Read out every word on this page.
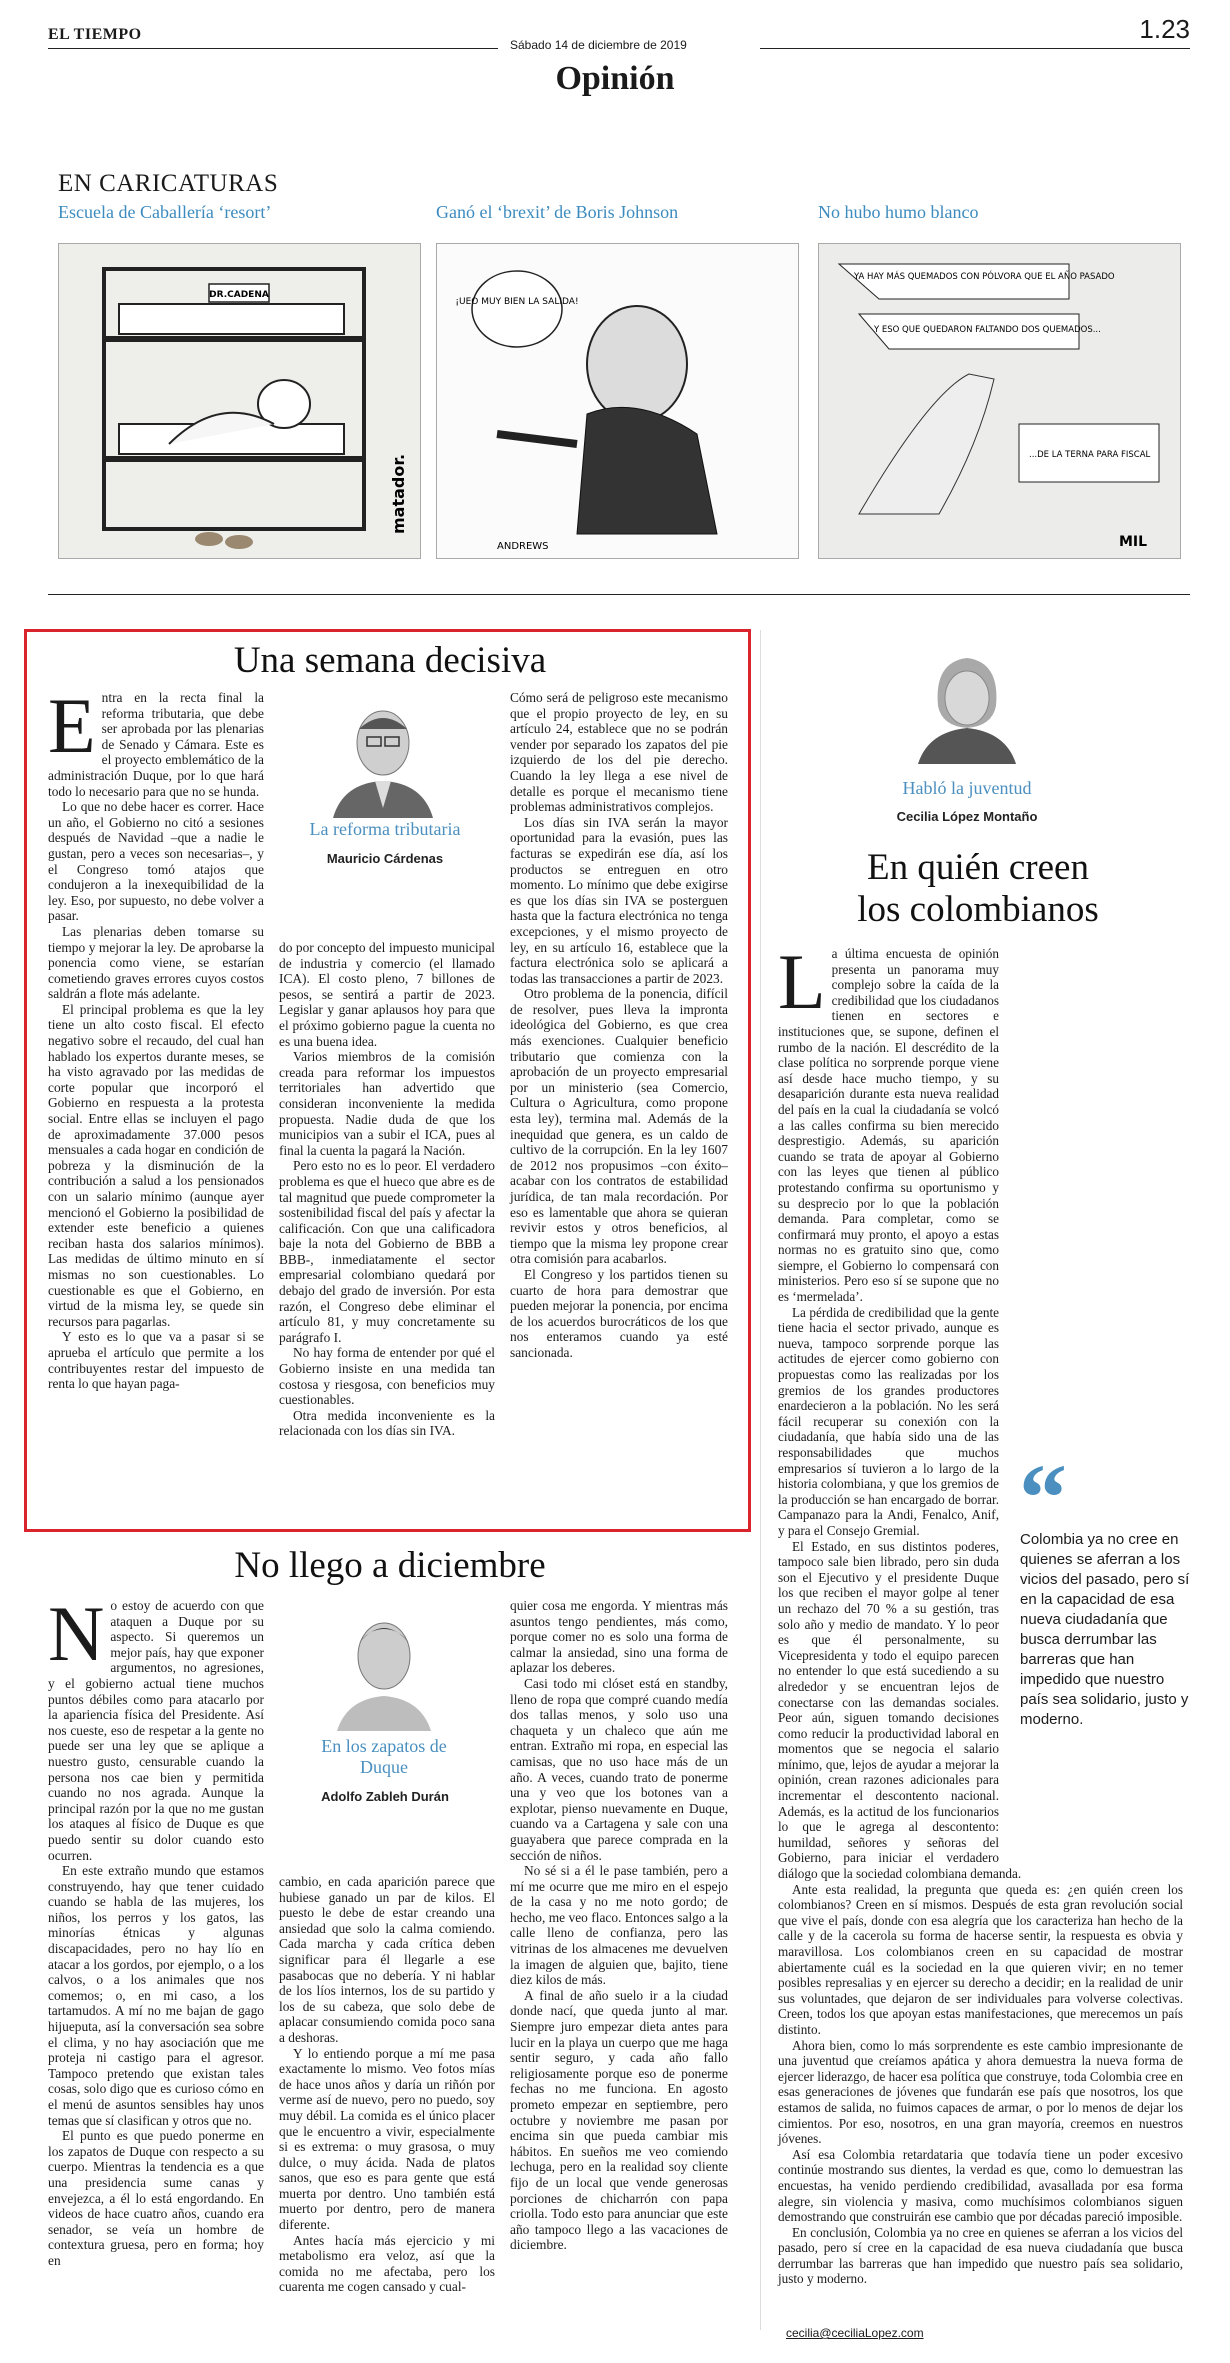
EL TIEMPO
Sábado 14 de diciembre de 2019
1.23
Opinión
EN CARICATURAS
Escuela de Caballería ‘resort’	Ganó el ‘brexit’ de Boris Johnson	No hubo humo blanco
DR.CADENA
matador.
¡UEO MUY BIEN LA SALIDA!
ANDREWS
YA HAY MÁS QUEMADOS CON PÓLVORA QUE EL AÑO PASADO
Y ESO QUE QUEDARON FALTANDO DOS QUEMADOS...
...DE LA TERNA PARA FISCAL
MIL
Una semana decisiva
E ntra en la recta final la reforma tributaria, que debe ser aprobada por las plenarias de Senado y Cámara. Este es el proyecto emblemático de la administración Duque, por lo que hará todo lo necesario para que no se hunda.

Lo que no debe hacer es correr. Hace un año, el Gobierno no citó a sesiones después de Navidad –que a nadie le gustan, pero a veces son necesarias–, y el Congreso tomó atajos que condujeron a la inexequibilidad de la ley. Eso, por supuesto, no debe volver a pasar.

Las plenarias deben tomarse su tiempo y mejorar la ley. De aprobarse la ponencia como viene, se estarían cometiendo graves errores cuyos costos saldrán a flote más adelante.

El principal problema es que la ley tiene un alto costo fiscal. El efecto negativo sobre el recaudo, del cual han hablado los expertos durante meses, se ha visto agravado por las medidas de corte popular que incorporó el Gobierno en respuesta a la protesta social. Entre ellas se incluyen el pago de aproximadamente 37.000 pesos mensuales a cada hogar en condición de pobreza y la disminución de la contribución a salud a los pensionados con un salario mínimo (aunque ayer mencionó el Gobierno la posibilidad de extender este beneficio a quienes reciban hasta dos salarios mínimos). Las medidas de último minuto en sí mismas no son cuestionables. Lo cuestionable es que el Gobierno, en virtud de la misma ley, se quede sin recursos para pagarlas.

Y esto es lo que va a pasar si se aprueba el artículo que permite a los contribuyentes restar del impuesto de renta lo que hayan paga-

La reforma tributaria
Mauricio Cárdenas

do por concepto del impuesto municipal de industria y comercio (el llamado ICA). El costo pleno, 7 billones de pesos, se sentirá a partir de 2023. Legislar y ganar aplausos hoy para que el próximo gobierno pague la cuenta no es una buena idea.

Varios miembros de la comisión creada para reformar los impuestos territoriales han advertido que consideran inconveniente la medida propuesta. Nadie duda de que los municipios van a subir el ICA, pues al final la cuenta la pagará la Nación.

Pero esto no es lo peor. El verdadero problema es que el hueco que abre es de tal magnitud que puede comprometer la sostenibilidad fiscal del país y afectar la calificación. Con que una calificadora baje la nota del Gobierno de BBB a BBB-, inmediatamente el sector empresarial colombiano quedará por debajo del grado de inversión. Por esta razón, el Congreso debe eliminar el artículo 81, y muy concretamente su parágrafo I.

No hay forma de entender por qué el Gobierno insiste en una medida tan costosa y riesgosa, con beneficios muy cuestionables.

Otra medida inconveniente es la relacionada con los días sin IVA.

Cómo será de peligroso este mecanismo que el propio proyecto de ley, en su artículo 24, establece que no se podrán vender por separado los zapatos del pie izquierdo de los del pie derecho. Cuando la ley llega a ese nivel de detalle es porque el mecanismo tiene problemas administrativos complejos.

Los días sin IVA serán la mayor oportunidad para la evasión, pues las facturas se expedirán ese día, así los productos se entreguen en otro momento. Lo mínimo que debe exigirse es que los días sin IVA se posterguen hasta que la factura electrónica no tenga excepciones, y el mismo proyecto de ley, en su artículo 16, establece que la factura electrónica solo se aplicará a todas las transacciones a partir de 2023.

Otro problema de la ponencia, difícil de resolver, pues lleva la impronta ideológica del Gobierno, es que crea más exenciones. Cualquier beneficio tributario que comienza con la aprobación de un proyecto empresarial por un ministerio (sea Comercio, Cultura o Agricultura, como propone esta ley), termina mal. Además de la inequidad que genera, es un caldo de cultivo de la corrupción. En la ley 1607 de 2012 nos propusimos –con éxito– acabar con los contratos de estabilidad jurídica, de tan mala recordación. Por eso es lamentable que ahora se quieran revivir estos y otros beneficios, al tiempo que la misma ley propone crear otra comisión para acabarlos.

El Congreso y los partidos tienen su cuarto de hora para demostrar que pueden mejorar la ponencia, por encima de los acuerdos burocráticos de los que nos enteramos cuando ya esté sancionada.

No llego a diciembre
N o estoy de acuerdo con que ataquen a Duque por su aspecto. Si queremos un mejor país, hay que exponer argumentos, no agresiones, y el gobierno actual tiene muchos puntos débiles como para atacarlo por la apariencia física del Presidente. Así nos cueste, eso de respetar a la gente no puede ser una ley que se aplique a nuestro gusto, censurable cuando la persona nos cae bien y permitida cuando no nos agrada. Aunque la principal razón por la que no me gustan los ataques al físico de Duque es que puedo sentir su dolor cuando esto ocurren.

En este extraño mundo que estamos construyendo, hay que tener cuidado cuando se habla de las mujeres, los niños, los perros y los gatos, las minorías étnicas y algunas discapacidades, pero no hay lío en atacar a los gordos, por ejemplo, o a los calvos, o a los animales que nos comemos; o, en mi caso, a los tartamudos. A mí no me bajan de gago hijueputa, así la conversación sea sobre el clima, y no hay asociación que me proteja ni castigo para el agresor. Tampoco pretendo que existan tales cosas, solo digo que es curioso cómo en el menú de asuntos sensibles hay unos temas que sí clasifican y otros que no.

El punto es que puedo ponerme en los zapatos de Duque con respecto a su cuerpo. Mientras la tendencia es a que una presidencia sume canas y envejezca, a él lo está engordando. En videos de hace cuatro años, cuando era senador, se veía un hombre de contextura gruesa, pero en forma; hoy en

En los zapatos de Duque
Adolfo Zableh Durán

cambio, en cada aparición parece que hubiese ganado un par de kilos. El puesto le debe de estar creando una ansiedad que solo la calma comiendo. Cada marcha y cada crítica deben significar para él llegarle a ese pasabocas que no debería. Y ni hablar de los líos internos, los de su partido y los de su cabeza, que solo debe de aplacar consumiendo comida poco sana a deshoras.

Y lo entiendo porque a mí me pasa exactamente lo mismo. Veo fotos mías de hace unos años y daría un riñón por verme así de nuevo, pero no puedo, soy muy débil. La comida es el único placer que le encuentro a vivir, especialmente si es extrema: o muy grasosa, o muy dulce, o muy ácida. Nada de platos sanos, que eso es para gente que está muerta por dentro. Uno también está muerto por dentro, pero de manera diferente.

Antes hacía más ejercicio y mi metabolismo era veloz, así que la comida no me afectaba, pero los cuarenta me cogen cansado y cual-

quier cosa me engorda. Y mientras más asuntos tengo pendientes, más como, porque comer no es solo una forma de calmar la ansiedad, sino una forma de aplazar los deberes.

Casi todo mi clóset está en standby, lleno de ropa que compré cuando medía dos tallas menos, y solo uso una chaqueta y un chaleco que aún me entran. Extraño mi ropa, en especial las camisas, que no uso hace más de un año. A veces, cuando trato de ponerme una y veo que los botones van a explotar, pienso nuevamente en Duque, cuando va a Cartagena y sale con una guayabera que parece comprada en la sección de niños.

No sé si a él le pase también, pero a mí me ocurre que me miro en el espejo de la casa y no me noto gordo; de hecho, me veo flaco. Entonces salgo a la calle lleno de confianza, pero las vitrinas de los almacenes me devuelven la imagen de alguien que, bajito, tiene diez kilos de más.

A final de año suelo ir a la ciudad donde nací, que queda junto al mar. Siempre juro empezar dieta antes para lucir en la playa un cuerpo que me haga sentir seguro, y cada año fallo religiosamente porque eso de ponerme fechas no me funciona. En agosto prometo empezar en septiembre, pero octubre y noviembre me pasan por encima sin que pueda cambiar mis hábitos. En sueños me veo comiendo lechuga, pero en la realidad soy cliente fijo de un local que vende generosas porciones de chicharrón con papa criolla. Todo esto para anunciar que este año tampoco llego a las vacaciones de diciembre.

Habló la juventud
Cecilia López Montaño
En quién creen
los colombianos
“
Colombia ya no cree en quienes se aferran a los vicios del pasado, pero sí en la capacidad de esa nueva ciudadanía que busca derrumbar las barreras que han impedido que nuestro país sea solidario, justo y moderno.
L a última encuesta de opinión presenta un panorama muy complejo sobre la caída de la credibilidad que los ciudadanos tienen en sectores e instituciones que, se supone, definen el rumbo de la nación. El descrédito de la clase política no sorprende porque viene así desde hace mucho tiempo, y su desaparición durante esta nueva realidad del país en la cual la ciudadanía se volcó a las calles confirma su bien merecido desprestigio. Además, su aparición cuando se trata de apoyar al Gobierno con las leyes que tienen al público protestando confirma su oportunismo y su desprecio por lo que la población demanda. Para completar, como se confirmará muy pronto, el apoyo a estas normas no es gratuito sino que, como siempre, el Gobierno lo compensará con ministerios. Pero eso sí se supone que no es ‘mermelada’.

La pérdida de credibilidad que la gente tiene hacia el sector privado, aunque es nueva, tampoco sorprende porque las actitudes de ejercer como gobierno con propuestas como las realizadas por los gremios de los grandes productores enardecieron a la población. No les será fácil recuperar su conexión con la ciudadanía, que había sido una de las responsabilidades que muchos empresarios sí tuvieron a lo largo de la historia colombiana, y que los gremios de la producción se han encargado de borrar. Campanazo para la Andi, Fenalco, Anif, y para el Consejo Gremial.

El Estado, en sus distintos poderes, tampoco sale bien librado, pero sin duda son el Ejecutivo y el presidente Duque los que reciben el mayor golpe al tener un rechazo del 70 % a su gestión, tras solo año y medio de mandato. Y lo peor es que él personalmente, su Vicepresidenta y todo el equipo parecen no entender lo que está sucediendo a su alrededor y se encuentran lejos de conectarse con las demandas sociales. Peor aún, siguen tomando decisiones como reducir la productividad laboral en momentos que se negocia el salario mínimo, que, lejos de ayudar a mejorar la opinión, crean razones adicionales para incrementar el descontento nacional. Además, es la actitud de los funcionarios lo que le agrega al descontento: humildad, señores y señoras del Gobierno, para iniciar el verdadero diálogo que la sociedad colombiana demanda.

Ante esta realidad, la pregunta que queda es: ¿en quién creen los colombianos? Creen en sí mismos. Después de esta gran revolución social que vive el país, donde con esa alegría que los caracteriza han hecho de la calle y de la cacerola su forma de hacerse sentir, la respuesta es obvia y maravillosa. Los colombianos creen en su capacidad de mostrar abiertamente cuál es la sociedad en la que quieren vivir; en no temer posibles represalias y en ejercer su derecho a decidir; en la realidad de unir sus voluntades, que dejaron de ser individuales para volverse colectivas. Creen, todos los que apoyan estas manifestaciones, que merecemos un país distinto.

Ahora bien, como lo más sorprendente es este cambio impresionante de una juventud que creíamos apática y ahora demuestra la nueva forma de ejercer liderazgo, de hacer esa política que construye, toda Colombia cree en esas generaciones de jóvenes que fundarán ese país que nosotros, los que estamos de salida, no fuimos capaces de armar, o por lo menos de dejar los cimientos. Por eso, nosotros, en una gran mayoría, creemos en nuestros jóvenes.

Así esa Colombia retardataria que todavía tiene un poder excesivo continúe mostrando sus dientes, la verdad es que, como lo demuestran las encuestas, ha venido perdiendo credibilidad, avasallada por esa forma alegre, sin violencia y masiva, como muchísimos colombianos siguen demostrando que construirán ese cambio que por décadas pareció imposible.

En conclusión, Colombia ya no cree en quienes se aferran a los vicios del pasado, pero sí cree en la capacidad de esa nueva ciudadanía que busca derrumbar las barreras que han impedido que nuestro país sea solidario, justo y moderno.

cecilia@ceciliaLopez.com
